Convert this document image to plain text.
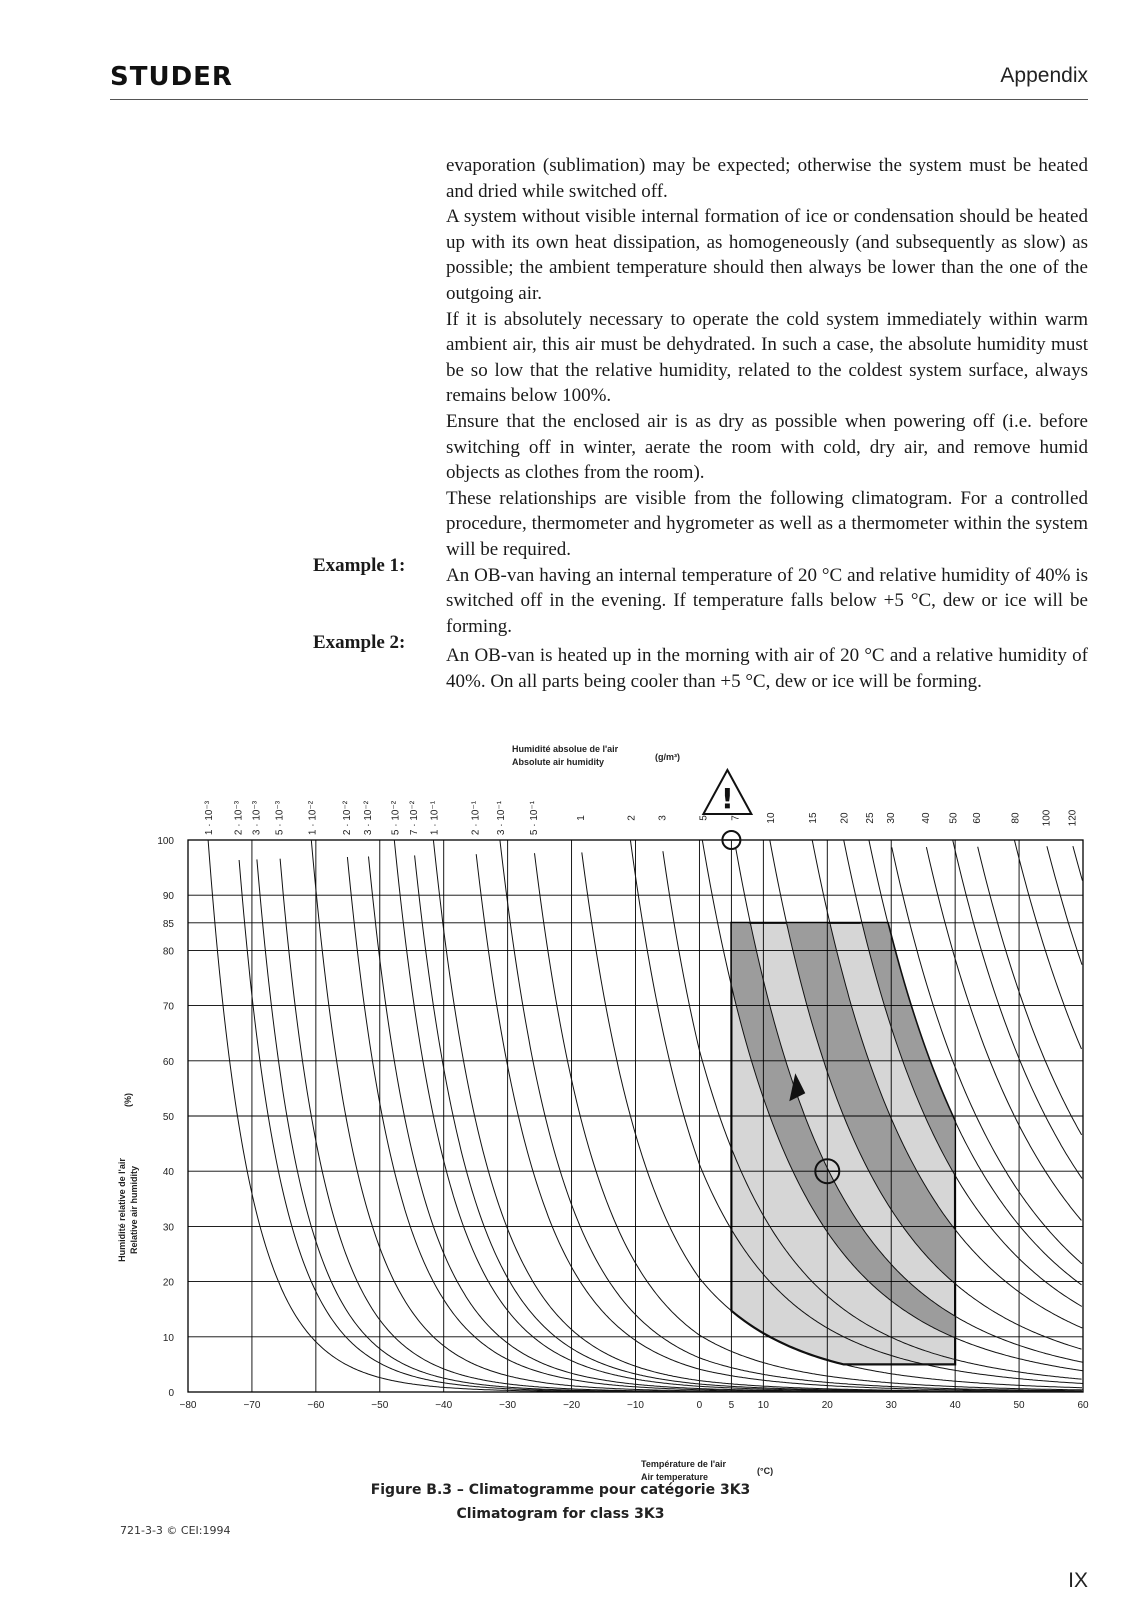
STUDER	Appendix

evaporation (sublimation) may be expected; otherwise the system must be heated and dried while switched off.

A system without visible internal formation of ice or condensation should be heated up with its own heat dissipation, as homogeneously (and subsequently as slow) as possible; the ambient temperature should then always be lower than the one of the outgoing air.

If it is absolutely necessary to operate the cold system immediately within warm ambient air, this air must be dehydrated. In such a case, the absolute humidity must be so low that the relative humidity, related to the coldest system surface, always remains below 100%.

Ensure that the enclosed air is as dry as possible when powering off (i.e. before switching off in winter, aerate the room with cold, dry air, and remove humid objects as clothes from the room).

These relationships are visible from the following climatogram. For a controlled procedure, thermometer and hygrometer as well as a thermometer within the system will be required.

An OB-van having an internal temperature of 20 °C and relative humidity of 40% is switched off in the evening. If temperature falls below +5 °C, dew or ice will be forming.

An OB-van is heated up in the morning with air of 20 °C and a relative humidity of 40%. On all parts being cooler than +5 °C, dew or ice will be forming.

Example 1:
Example 2:
1 · 10⁻³ 2 · 10⁻³ 3 · 10⁻³ 5 · 10⁻³ 1 · 10⁻² 2 · 10⁻² 3 · 10⁻² 5 · 10⁻² 7 · 10⁻² 1 · 10⁻¹	2 · 10⁻¹ 3 · 10⁻¹ 5 · 10⁻¹	1	2 3	5 7 10	15 20 25 30 40 50 60	80 100 120
−80	−70	−60	−50	−40	−30	−20	−10	0	5 10	20	30	40	50	60
100
90
85
80
70
60
50
40
30
20
10
0
!
Humidité absolue de l'air
Absolute air humidity	(g/m³)
Température de l'air
Air temperature
(°C)
Humidité relative de l'air Relative air humidity
(%)
Figure B.3 – Climatogramme pour catégorie 3K3
Climatogram for class 3K3
721-3-3 © CEI:1994
IX
